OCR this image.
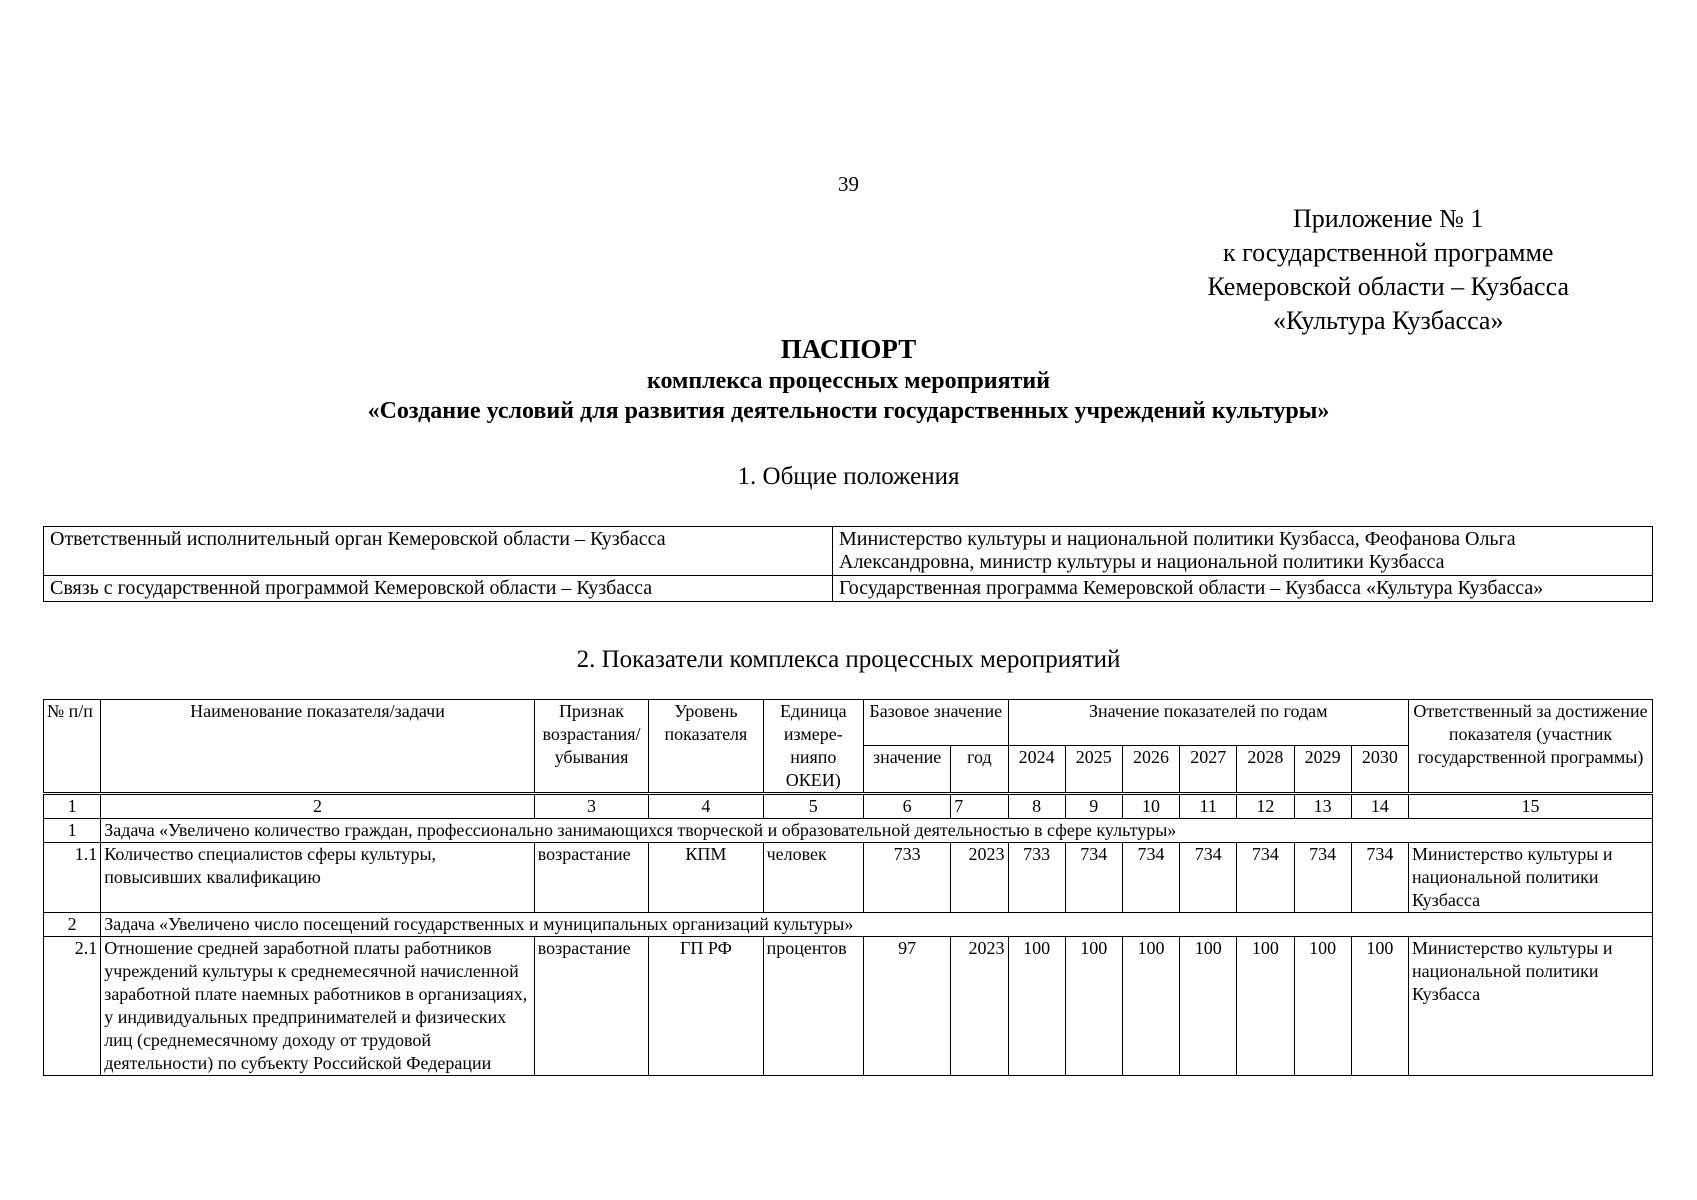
39
Приложение № 1
к государственной программе
Кемеровской области – Кузбасса
«Культура Кузбасса»
ПАСПОРТ
комплекса процессных мероприятий
«Создание условий для развития деятельности государственных учреждений культуры»
1. Общие положения
Ответственный исполнительный орган Кемеровской области – Кузбасса	Министерство культуры и национальной политики Кузбасса, Феофанова Ольга Александровна, министр культуры и национальной политики Кузбасса
Связь с государственной программой Кемеровской области – Кузбасса	Государственная программа Кемеровской области – Кузбасса «Культура Кузбасса»
2. Показатели комплекса процессных мероприятий
№ п/п	Наименование показателя/задачи	Признак возрастания/ убывания	Уровень показателя	Единица измере- нияпо ОКЕИ)	Базовое значение		Значение показателей по годам							Ответственный за достижение показателя (участник государственной программы)
					значение	год	2024	2025	2026	2027	2028	2029	2030	
1	2	3	4	5	6	7	8	9	10	11	12	13	14	15
1	Задача «Увеличено количество граждан, профессионально занимающихся творческой и образовательной деятельностью в сфере культуры»													
1.1	Количество специалистов сферы культуры, повысивших квалификацию	возрастание	КПМ	человек	733	2023	733	734	734	734	734	734	734	Министерство культуры и национальной политики Кузбасса
2	Задача «Увеличено число посещений государственных и муниципальных организаций культуры»													
2.1	Отношение средней заработной платы работников учреждений культуры к среднемесячной начисленной заработной плате наемных работников в организациях, у индивидуальных предпринимателей и физических лиц (среднемесячному доходу от трудовой деятельности) по субъекту Российской Федерации	возрастание	ГП РФ	процентов	97	2023	100	100	100	100	100	100	100	Министерство культуры и национальной политики Кузбасса
